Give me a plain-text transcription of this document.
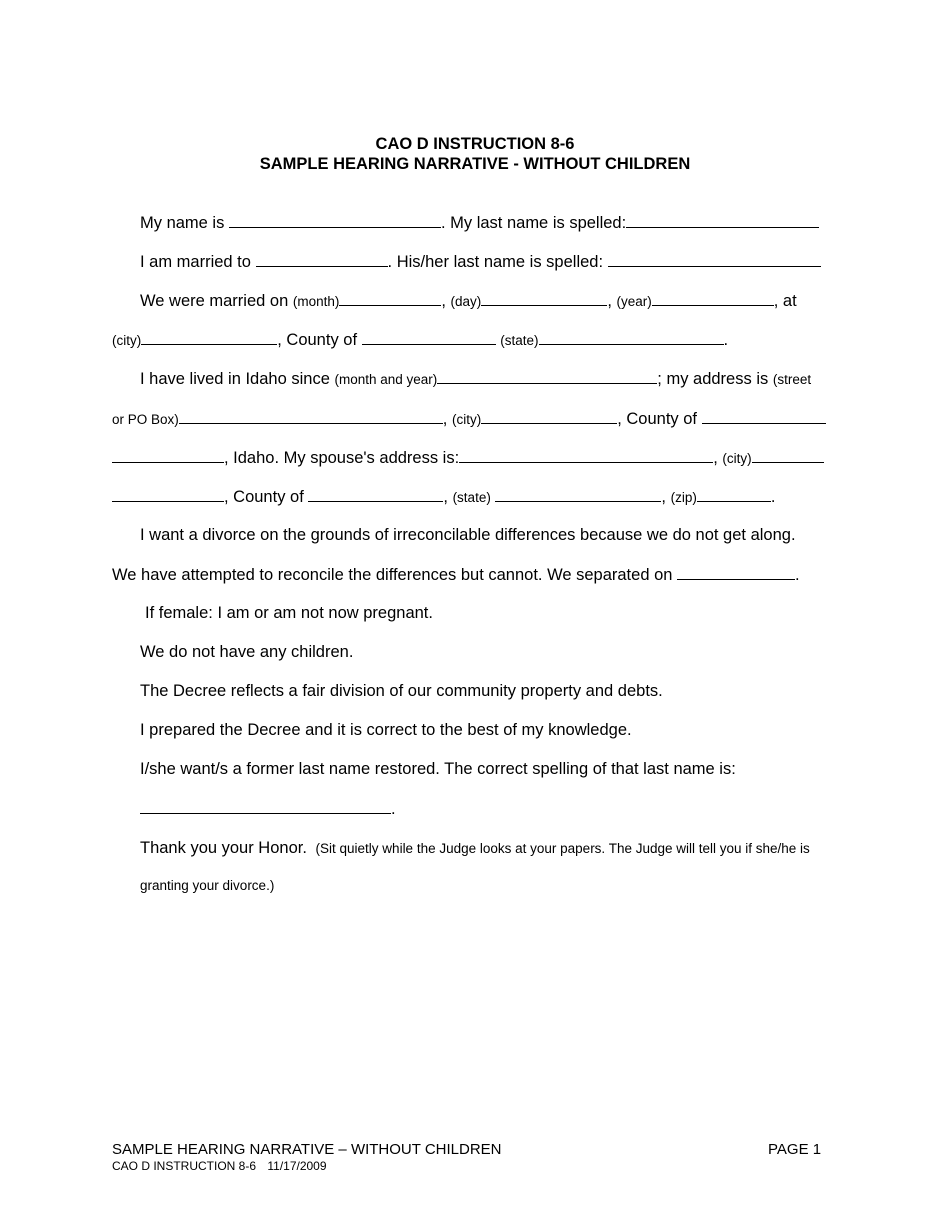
CAO D INSTRUCTION 8-6
SAMPLE HEARING NARRATIVE - WITHOUT CHILDREN
My name is	. My last name is spelled:
I am married to	. His/her last name is spelled:
We were married on (month)	, (day)	, (year)	, at
(city)	, County of	(state)	.
I have lived in Idaho since (month and year)	; my address is (street
or PO Box)	, (city)	, County of
, Idaho. My spouse's address is:	, (city)
, County of	, (state)	, (zip)	.
I want a divorce on the grounds of irreconcilable differences because we do not get along.
We have attempted to reconcile the differences but cannot. We separated on	.
If female: I am or am not now pregnant.
We do not have any children.
The Decree reflects a fair division of our community property and debts.
I prepared the Decree and it is correct to the best of my knowledge.
I/she want/s a former last name restored. The correct spelling of that last name is:
.
Thank you your Honor. (Sit quietly while the Judge looks at your papers. The Judge will tell you if she/he is
granting your divorce.)
SAMPLE HEARING NARRATIVE – WITHOUT CHILDREN	PAGE 1
CAO D INSTRUCTION 8-6 11/17/2009
